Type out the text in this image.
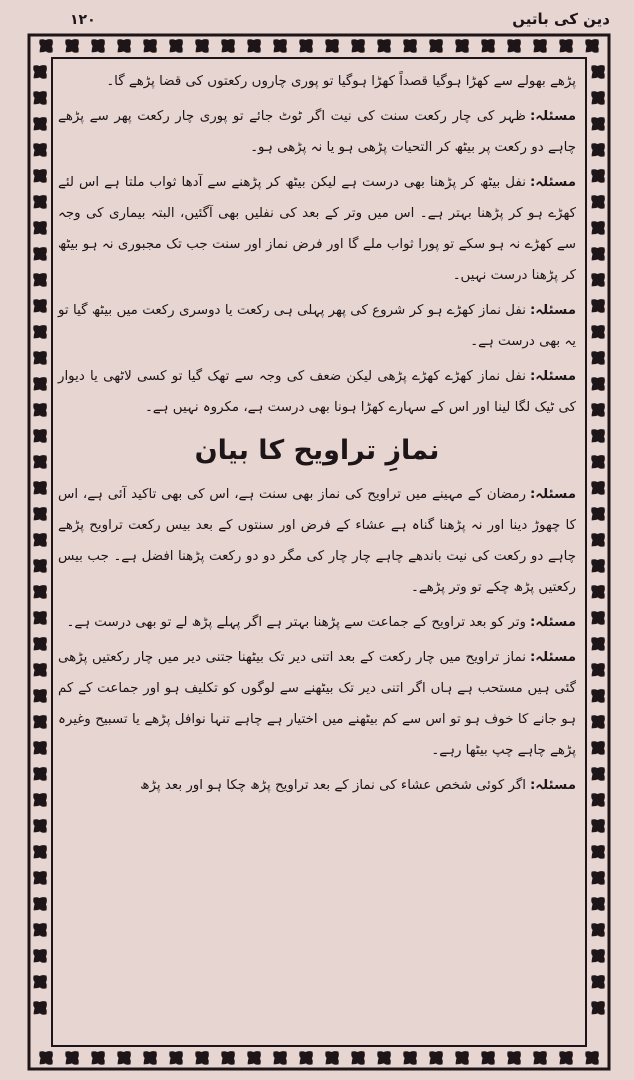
دین کی باتیں
۱۲۰

پڑھے بھولے سے کھڑا ہوگیا قصداً کھڑا ہوگیا تو پوری چاروں رکعتوں کی قضا پڑھے گا۔

مسئلہ:ظہر کی چار رکعت سنت کی نیت اگر ٹوٹ جائے تو پوری چار رکعت پھر سے پڑھے چاہے دو رکعت پر بیٹھ کر التحیات پڑھی ہو یا نہ پڑھی ہو۔

مسئلہ:نفل بیٹھ کر پڑھنا بھی درست ہے لیکن بیٹھ کر پڑھنے سے آدھا ثواب ملتا ہے اس لئے کھڑے ہو کر پڑھنا بہتر ہے۔ اس میں وتر کے بعد کی نفلیں بھی آگئیں، البتہ بیماری کی وجہ سے کھڑے نہ ہو سکے تو پورا ثواب ملے گا اور فرض نماز اور سنت جب تک مجبوری نہ ہو بیٹھ کر پڑھنا درست نہیں۔

مسئلہ:نفل نماز کھڑے ہو کر شروع کی پھر پہلی ہی رکعت یا دوسری رکعت میں بیٹھ گیا تو یہ بھی درست ہے۔

مسئلہ:نفل نماز کھڑے کھڑے پڑھی لیکن ضعف کی وجہ سے تھک گیا تو کسی لاٹھی یا دیوار کی ٹیک لگا لینا اور اس کے سہارے کھڑا ہونا بھی درست ہے، مکروہ نہیں ہے۔

نمازِ تراویح کا بیان

مسئلہ:رمضان کے مہینے میں تراویح کی نماز بھی سنت ہے، اس کی بھی تاکید آئی ہے، اس کا چھوڑ دینا اور نہ پڑھنا گناہ ہے عشاء کے فرض اور سنتوں کے بعد بیس رکعت تراویح پڑھے چاہے دو رکعت کی نیت باندھے چاہے چار چار کی مگر دو دو رکعت پڑھنا افضل ہے۔ جب بیس رکعتیں پڑھ چکے تو وتر پڑھے۔

مسئلہ:وتر کو بعد تراویح کے جماعت سے پڑھنا بہتر ہے اگر پہلے پڑھ لے تو بھی درست ہے۔

مسئلہ:نماز تراویح میں چار رکعت کے بعد اتنی دیر تک بیٹھنا جتنی دیر میں چار رکعتیں پڑھی گئی ہیں مستحب ہے ہاں اگر اتنی دیر تک بیٹھنے سے لوگوں کو تکلیف ہو اور جماعت کے کم ہو جانے کا خوف ہو تو اس سے کم بیٹھنے میں اختیار ہے چاہے تنہا نوافل پڑھے یا تسبیح وغیرہ پڑھے چاہے چپ بیٹھا رہے۔

مسئلہ:اگر کوئی شخص عشاء کی نماز کے بعد تراویح پڑھ چکا ہو اور بعد پڑھ
